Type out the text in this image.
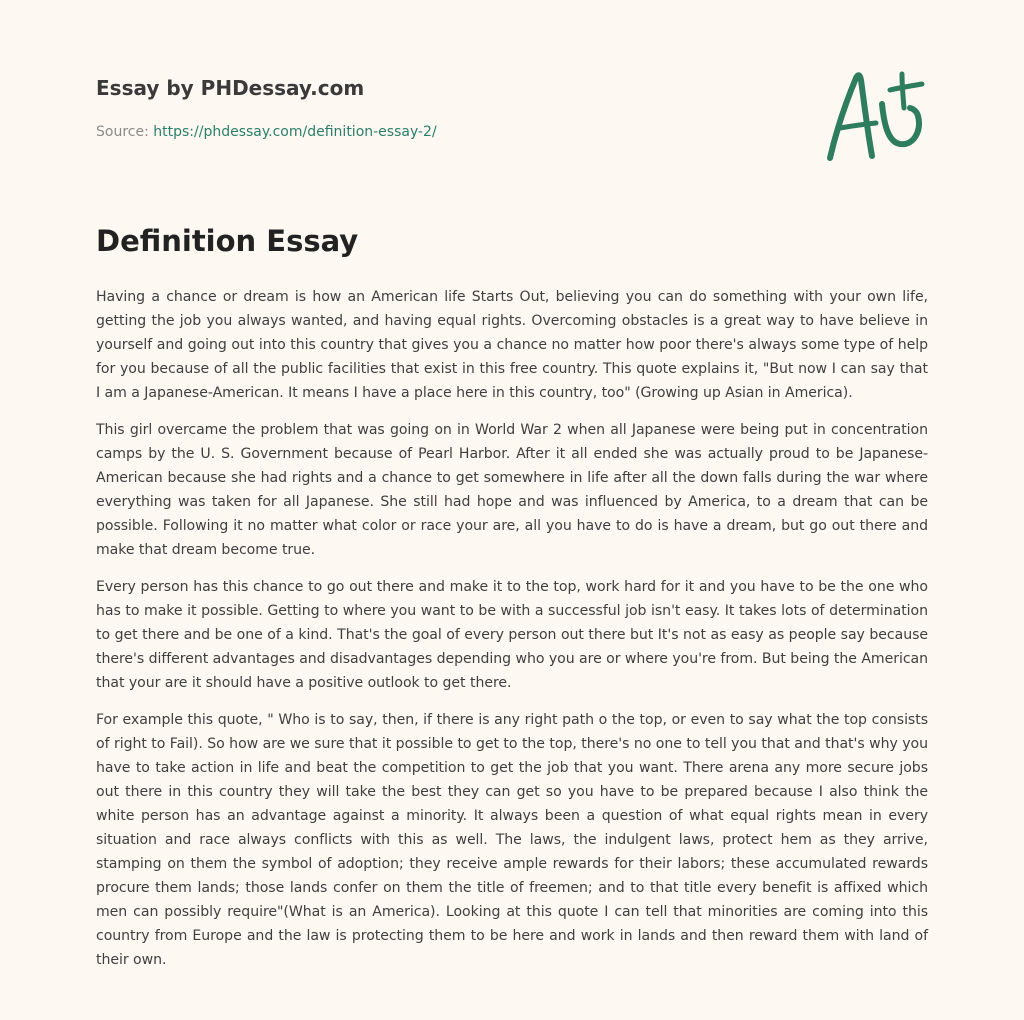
Essay by PHDessay.com
Source: https://phdessay.com/definition-essay-2/
Definition Essay

Having a chance or dream is how an American life Starts Out, believing you can do something with your own life, getting the job you always wanted, and having equal rights. Overcoming obstacles is a great way to have believe in yourself and going out into this country that gives you a chance no matter how poor there's always some type of help for you because of all the public facilities that exist in this free country. This quote explains it, "But now I can say that I am a Japanese-American. It means I have a place here in this country, too" (Growing up Asian in America).

This girl overcame the problem that was going on in World War 2 when all Japanese were being put in concentration camps by the U. S. Government because of Pearl Harbor. After it all ended she was actually proud to be Japanese-American because she had rights and a chance to get somewhere in life after all the down falls during the war where everything was taken for all Japanese. She still had hope and was influenced by America, to a dream that can be possible. Following it no matter what color or race your are, all you have to do is have a dream, but go out there and make that dream become true.

Every person has this chance to go out there and make it to the top, work hard for it and you have to be the one who has to make it possible. Getting to where you want to be with a successful job isn't easy. It takes lots of determination to get there and be one of a kind. That's the goal of every person out there but It's not as easy as people say because there's different advantages and disadvantages depending who you are or where you're from. But being the American that your are it should have a positive outlook to get there.

For example this quote, " Who is to say, then, if there is any right path o the top, or even to say what the top consists of right to Fail). So how are we sure that it possible to get to the top, there's no one to tell you that and that's why you have to take action in life and beat the competition to get the job that you want. There arena any more secure jobs out there in this country they will take the best they can get so you have to be prepared because I also think the white person has an advantage against a minority. It always been a question of what equal rights mean in every situation and race always conflicts with this as well. The laws, the indulgent laws, protect hem as they arrive, stamping on them the symbol of adoption; they receive ample rewards for their labors; these accumulated rewards procure them lands; those lands confer on them the title of freemen; and to that title every benefit is affixed which men can possibly require"(What is an America). Looking at this quote I can tell that minorities are coming into this country from Europe and the law is protecting them to be here and work in lands and then reward them with land of their own.
